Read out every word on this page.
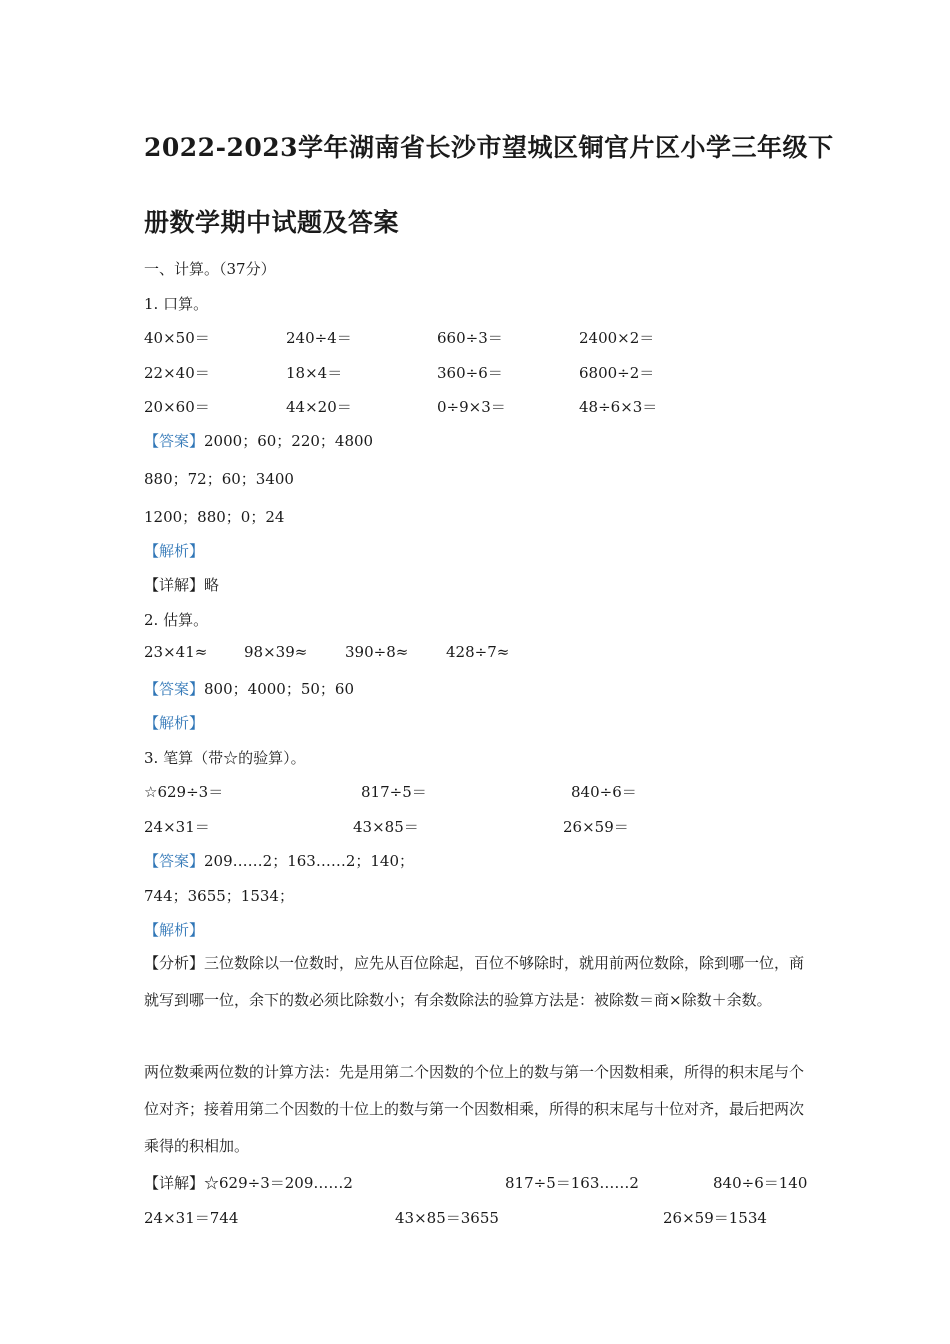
2022-2023学年湖南省长沙市望城区铜官片区小学三年级下
册数学期中试题及答案
一、计算。（37分）
1. 口算。
40×50＝	240÷4＝	660÷3＝	2400×2＝
22×40＝	18×4＝	360÷6＝	6800÷2＝
20×60＝	44×20＝	0÷9×3＝	48÷6×3＝
【答案】2000；60；220；4800
880；72；60；3400
1200；880；0；24
【解析】
【详解】略
2. 估算。
23×41≈ 98×39≈	390÷8≈	428÷7≈
【答案】800；4000；50；60
【解析】
3. 笔算（带☆的验算）。
☆629÷3＝	817÷5＝	840÷6＝
24×31＝	43×85＝	26×59＝
【答案】209……2；163……2；140；
744；3655；1534；
【解析】
【分析】三位数除以一位数时，应先从百位除起，百位不够除时，就用前两位数除，除到哪一位，商就写到哪一位，余下的数必须比除数小；有余数除法的验算方法是：被除数＝商×除数＋余数。
两位数乘两位数的计算方法：先是用第二个因数的个位上的数与第一个因数相乘，所得的积末尾与个位对齐；接着用第二个因数的十位上的数与第一个因数相乘，所得的积末尾与十位对齐，最后把两次乘得的积相加。
【详解】☆629÷3＝209……2	817÷5＝163……2	840÷6＝140
24×31＝744	43×85＝3655	26×59＝1534
